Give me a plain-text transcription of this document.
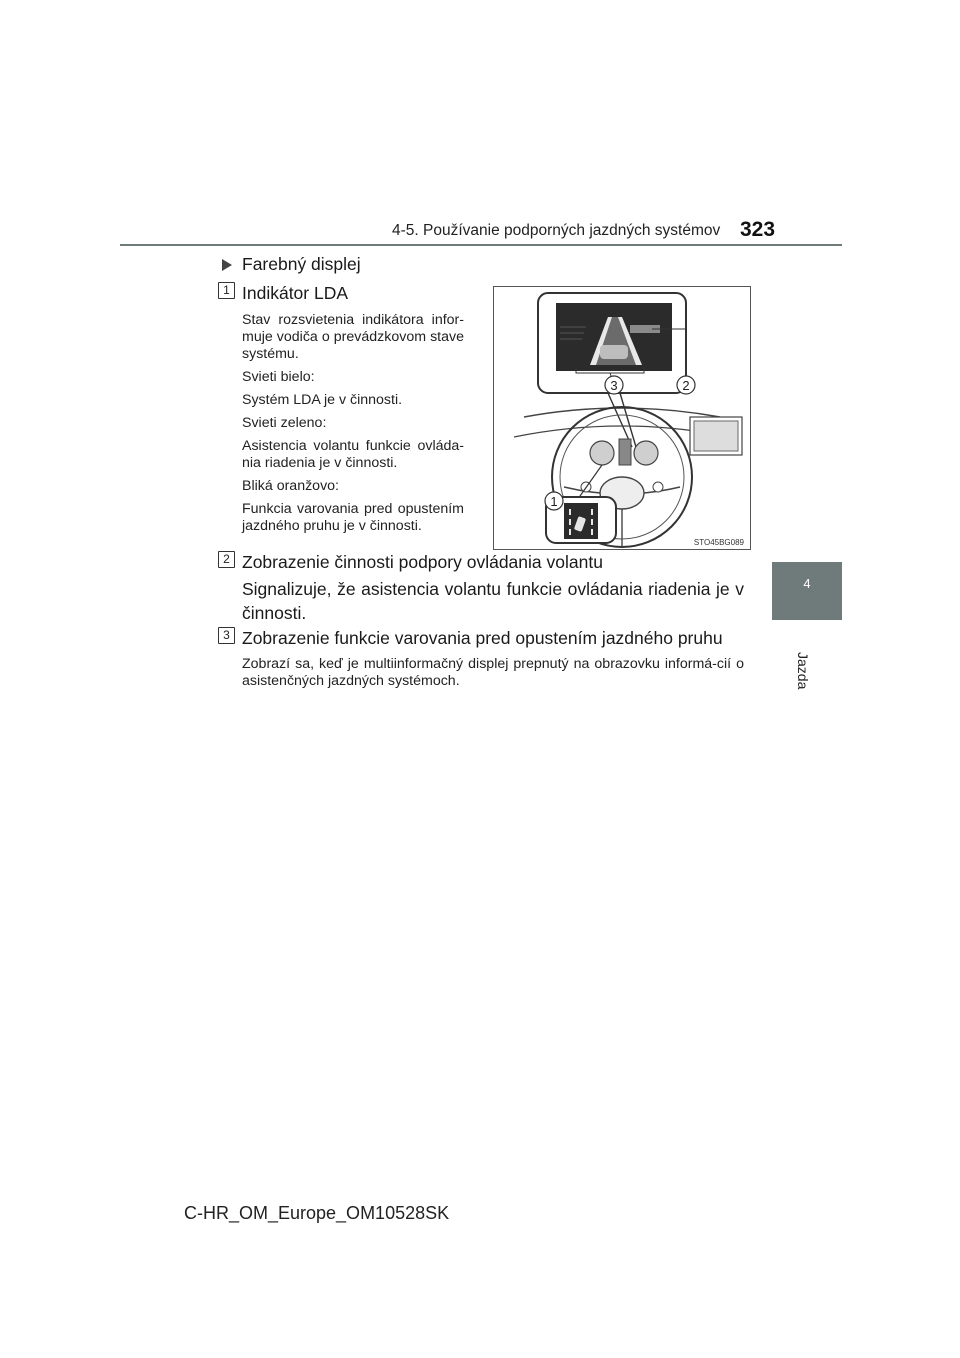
4-5. Používanie podporných jazdných systémov 323
4
Jazda
Farebný displej
1 Indikátor LDA
Stav rozsvietenia indikátora infor-muje vodiča o prevádzkovom stave systému.
Svieti bielo:
Systém LDA je v činnosti.
Svieti zeleno:
Asistencia volantu funkcie ovláda-nia riadenia je v činnosti.
Bliká oranžovo:
Funkcia varovania pred opustením jazdného pruhu je v činnosti.
3	2
1
STO45BG089
2 Zobrazenie činnosti podpory ovládania volantu
Signalizuje, že asistencia volantu funkcie ovládania riadenia je v činnosti.
3 Zobrazenie funkcie varovania pred opustením jazdného pruhu
Zobrazí sa, keď je multiinformačný displej prepnutý na obrazovku informá-cií o asistenčných jazdných systémoch.
C-HR_OM_Europe_OM10528SK
